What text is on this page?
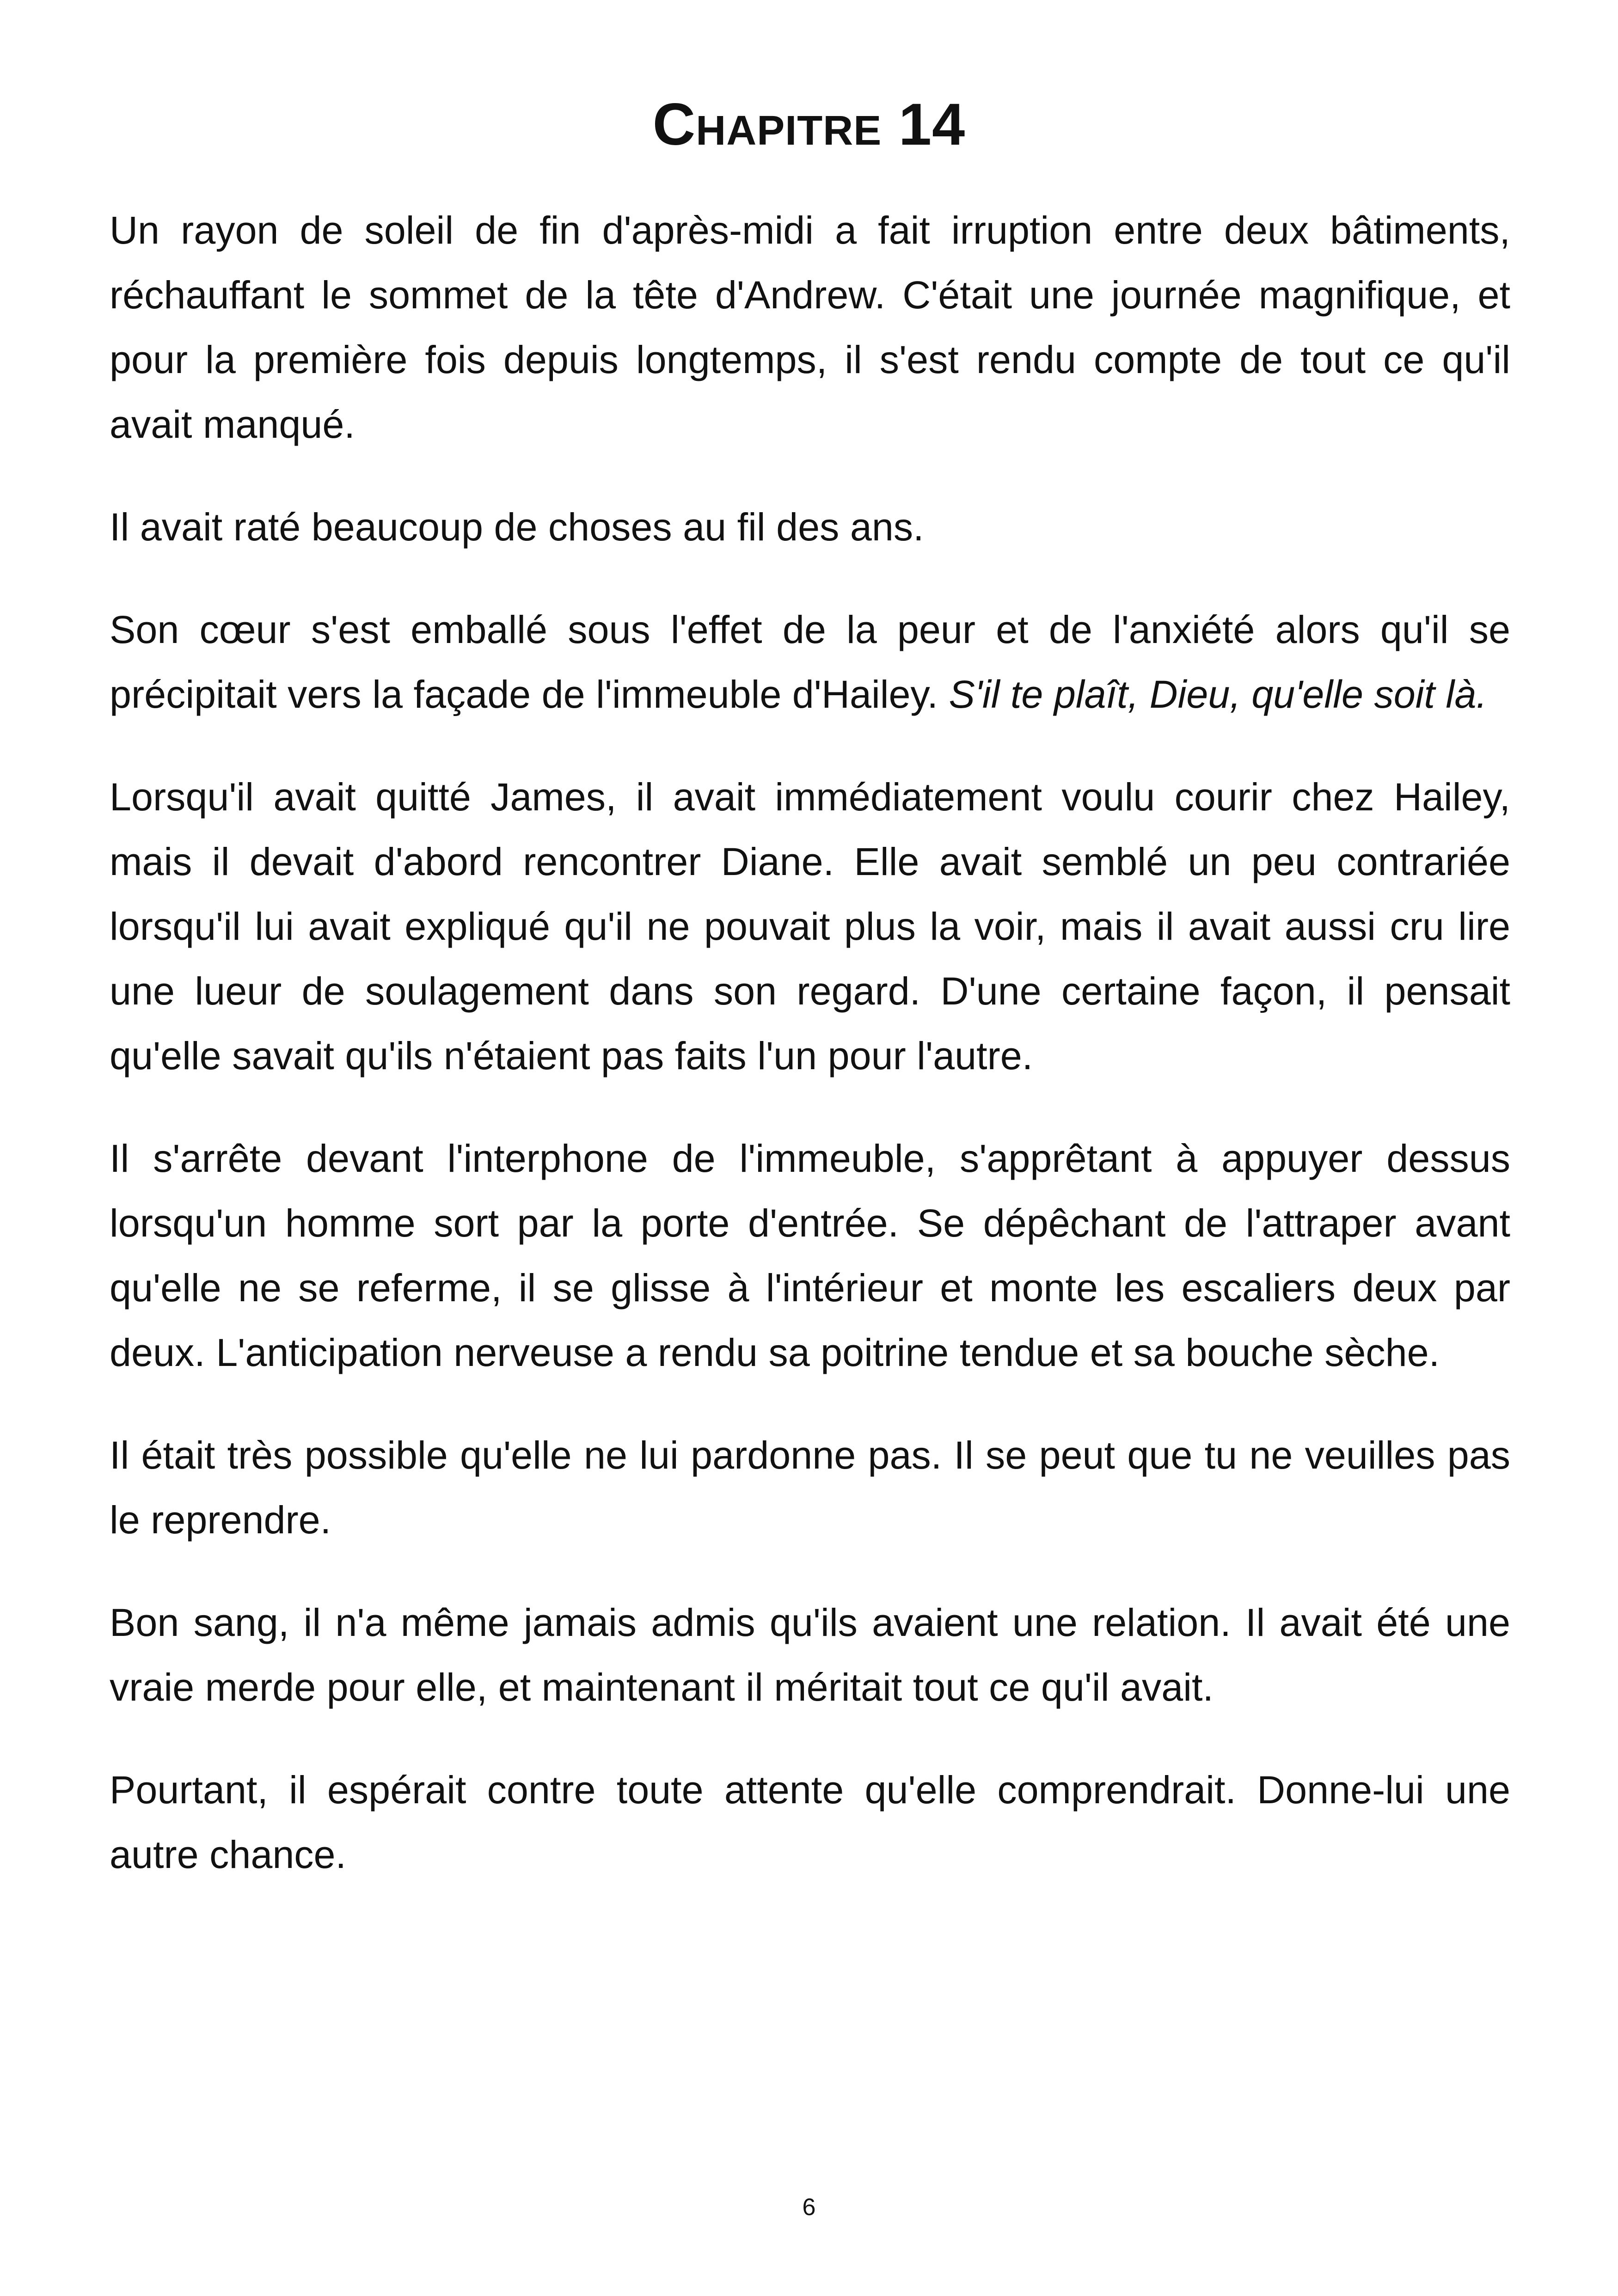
Chapitre 14

Un rayon de soleil de fin d'après-midi a fait irruption entre deux bâtiments, réchauffant le sommet de la tête d'Andrew. C'était une journée magnifique, et pour la première fois depuis longtemps, il s'est rendu compte de tout ce qu'il avait manqué.

Il avait raté beaucoup de choses au fil des ans.

Son cœur s'est emballé sous l'effet de la peur et de l'anxiété alors qu'il se précipitait vers la façade de l'immeuble d'Hailey. S'il te plaît, Dieu, qu'elle soit là.

Lorsqu'il avait quitté James, il avait immédiatement voulu courir chez Hailey, mais il devait d'abord rencontrer Diane. Elle avait semblé un peu contrariée lorsqu'il lui avait expliqué qu'il ne pouvait plus la voir, mais il avait aussi cru lire une lueur de soulagement dans son regard. D'une certaine façon, il pensait qu'elle savait qu'ils n'étaient pas faits l'un pour l'autre.

Il s'arrête devant l'interphone de l'immeuble, s'apprêtant à appuyer dessus lorsqu'un homme sort par la porte d'entrée. Se dépêchant de l'attraper avant qu'elle ne se referme, il se glisse à l'intérieur et monte les escaliers deux par deux. L'anticipation nerveuse a rendu sa poitrine tendue et sa bouche sèche.

Il était très possible qu'elle ne lui pardonne pas. Il se peut que tu ne veuilles pas le reprendre.

Bon sang, il n'a même jamais admis qu'ils avaient une relation. Il avait été une vraie merde pour elle, et maintenant il méritait tout ce qu'il avait.

Pourtant, il espérait contre toute attente qu'elle comprendrait. Donne-lui une autre chance.

6
